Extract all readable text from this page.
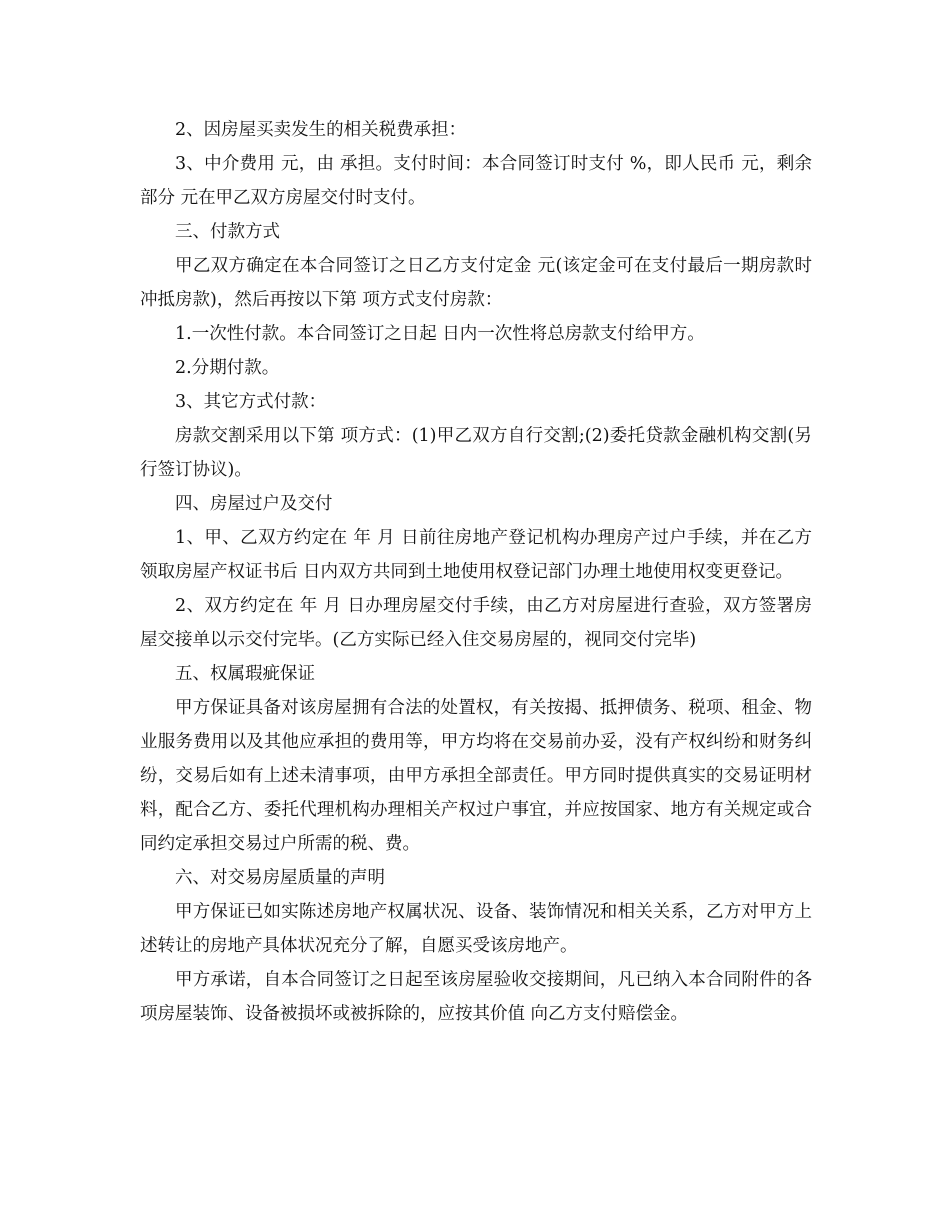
2、因房屋买卖发生的相关税费承担：

3、中介费用 元，由 承担。支付时间：本合同签订时支付 %，即人民币 元，剩余部分 元在甲乙双方房屋交付时支付。

三、付款方式

甲乙双方确定在本合同签订之日乙方支付定金 元(该定金可在支付最后一期房款时冲抵房款)，然后再按以下第 项方式支付房款：

1.一次性付款。本合同签订之日起 日内一次性将总房款支付给甲方。

2.分期付款。

3、其它方式付款：

房款交割采用以下第 项方式：(1)甲乙双方自行交割;(2)委托贷款金融机构交割(另行签订协议)。

四、房屋过户及交付

1、甲、乙双方约定在 年 月 日前往房地产登记机构办理房产过户手续，并在乙方领取房屋产权证书后 日内双方共同到土地使用权登记部门办理土地使用权变更登记。

2、双方约定在 年 月 日办理房屋交付手续，由乙方对房屋进行查验，双方签署房屋交接单以示交付完毕。(乙方实际已经入住交易房屋的，视同交付完毕)

五、权属瑕疵保证

甲方保证具备对该房屋拥有合法的处置权，有关按揭、抵押债务、税项、租金、物业服务费用以及其他应承担的费用等，甲方均将在交易前办妥，没有产权纠纷和财务纠纷，交易后如有上述未清事项，由甲方承担全部责任。甲方同时提供真实的交易证明材料，配合乙方、委托代理机构办理相关产权过户事宜，并应按国家、地方有关规定或合同约定承担交易过户所需的税、费。

六、对交易房屋质量的声明

甲方保证已如实陈述房地产权属状况、设备、装饰情况和相关关系，乙方对甲方上述转让的房地产具体状况充分了解，自愿买受该房地产。

甲方承诺，自本合同签订之日起至该房屋验收交接期间，凡已纳入本合同附件的各项房屋装饰、设备被损坏或被拆除的，应按其价值 向乙方支付赔偿金。
